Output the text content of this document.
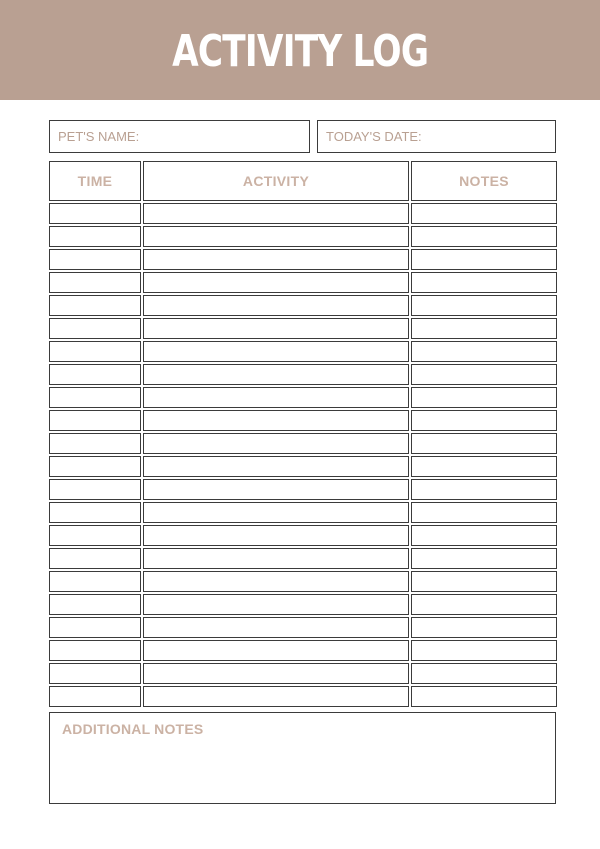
ACTIVITY LOG
PET'S NAME:	TODAY'S DATE:
TIME	ACTIVITY	NOTES
ADDITIONAL NOTES
